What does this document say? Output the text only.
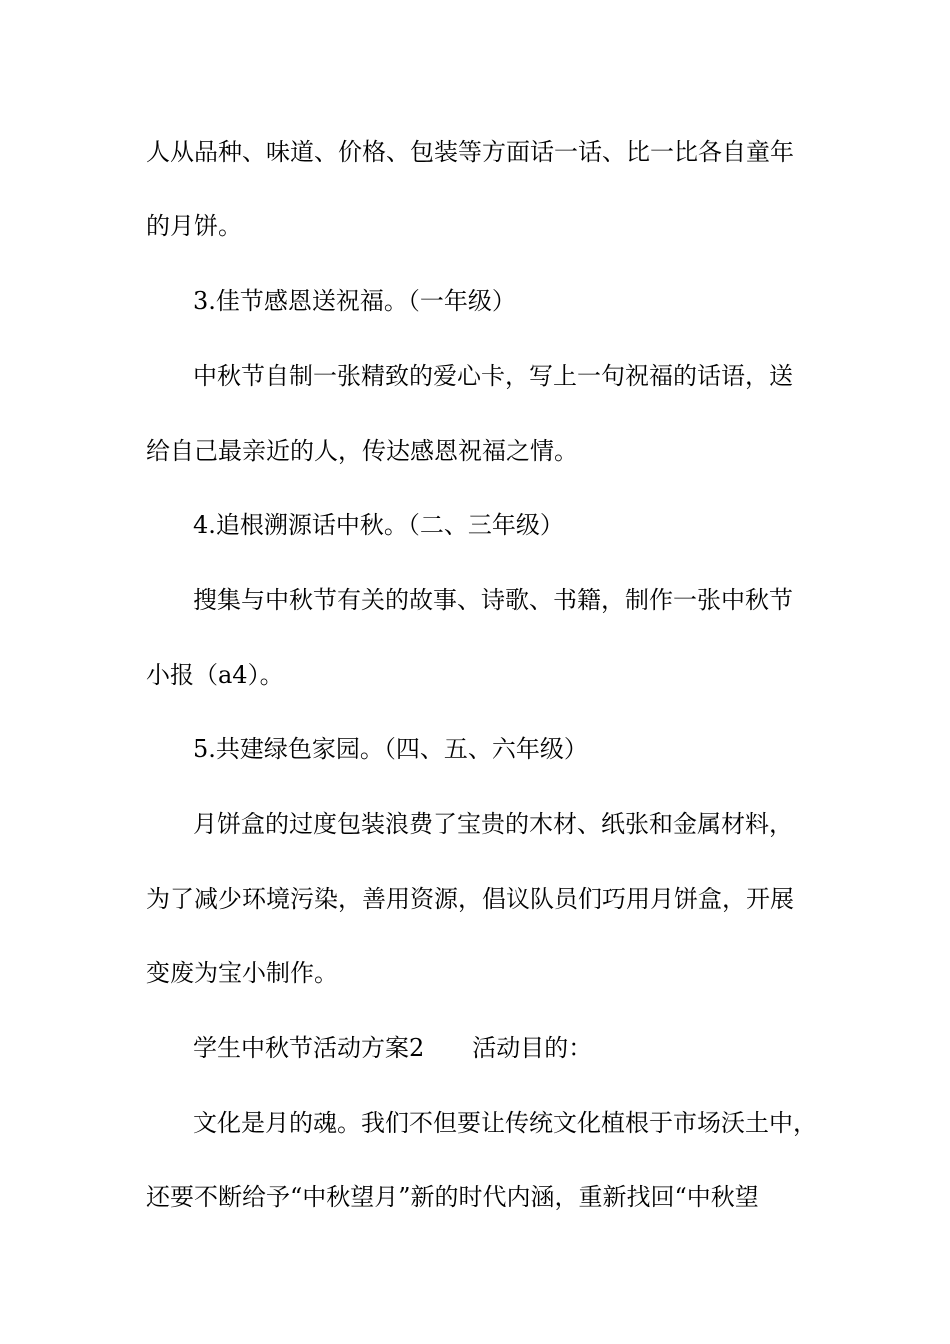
人从品种、味道、价格、包装等方面话一话、比一比各自童年
的月饼。
3.佳节感恩送祝福。（一年级）
中秋节自制一张精致的爱心卡，写上一句祝福的话语，送
给自己最亲近的人，传达感恩祝福之情。
4.追根溯源话中秋。（二、三年级）
搜集与中秋节有关的故事、诗歌、书籍，制作一张中秋节
小报（a4）。
5.共建绿色家园。（四、五、六年级）
月饼盒的过度包装浪费了宝贵的木材、纸张和金属材料，
为了减少环境污染，善用资源，倡议队员们巧用月饼盒，开展
变废为宝小制作。
学生中秋节活动方案2　　活动目的：
文化是月的魂。我们不但要让传统文化植根于市场沃土中，
还要不断给予“中秋望月”新的时代内涵，重新找回“中秋望
